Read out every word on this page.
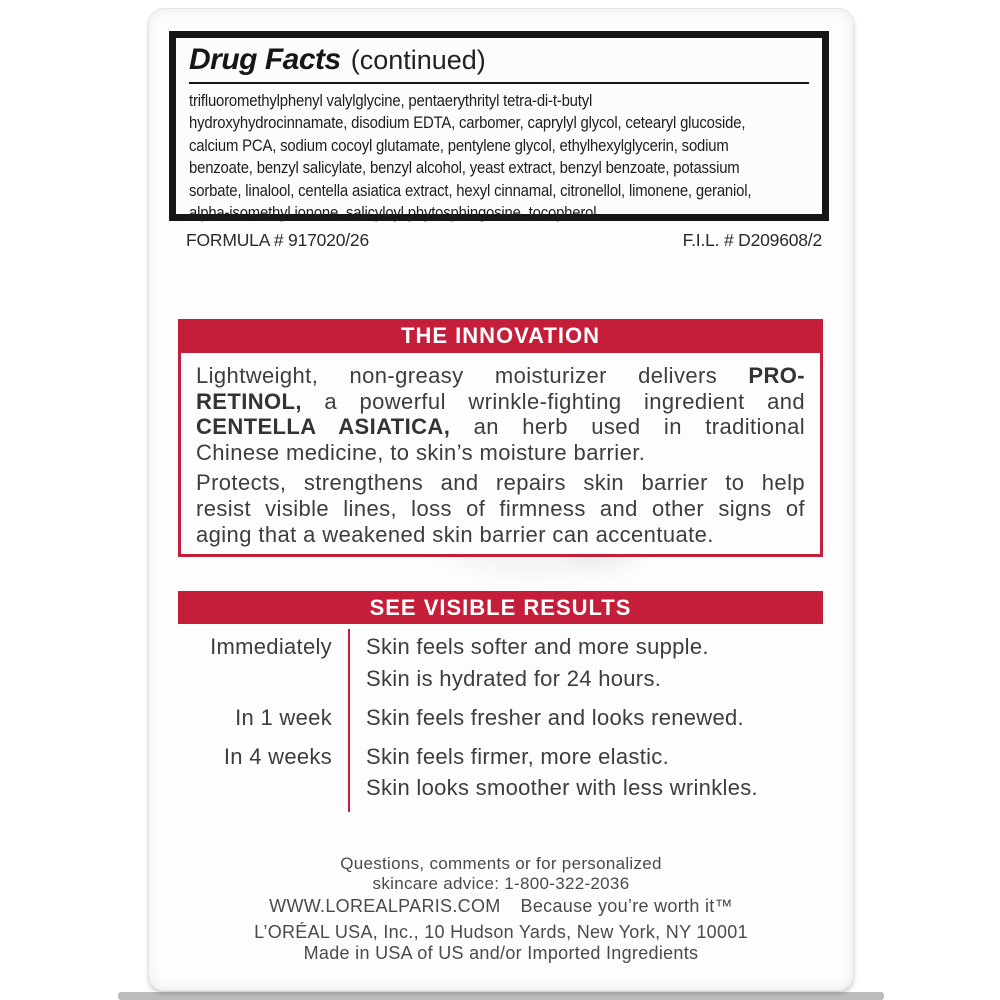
Drug Facts (continued)
trifluoromethylphenyl valylglycine, pentaerythrityl tetra-di-t-butyl
hydroxyhydrocinnamate, disodium EDTA, carbomer, caprylyl glycol, cetearyl glucoside,
calcium PCA, sodium cocoyl glutamate, pentylene glycol, ethylhexylglycerin, sodium
benzoate, benzyl salicylate, benzyl alcohol, yeast extract, benzyl benzoate, potassium
sorbate, linalool, centella asiatica extract, hexyl cinnamal, citronellol, limonene, geraniol,
alpha-isomethyl ionone, salicyloyl phytosphingosine, tocopherol
FORMULA # 917020/26	F.I.L. # D209608/2
THE INNOVATION
Lightweight, non-greasy moisturizer delivers PRO-
RETINOL, a powerful wrinkle-fighting ingredient and
CENTELLA ASIATICA, an herb used in traditional
Chinese medicine, to skin’s moisture barrier.
Protects, strengthens and repairs skin barrier to help
resist visible lines, loss of firmness and other signs of
aging that a weakened skin barrier can accentuate.
SEE VISIBLE RESULTS
Immediately	Skin feels softer and more supple.
Skin is hydrated for 24 hours.
In 1 week	Skin feels fresher and looks renewed.
In 4 weeks	Skin feels firmer, more elastic.
Skin looks smoother with less wrinkles.
Questions, comments or for personalized
skincare advice: 1-800-322-2036
WWW.LOREALPARIS.COM Because you’re worth it™
L’ORÉAL USA, Inc., 10 Hudson Yards, New York, NY 10001
Made in USA of US and/or Imported Ingredients
